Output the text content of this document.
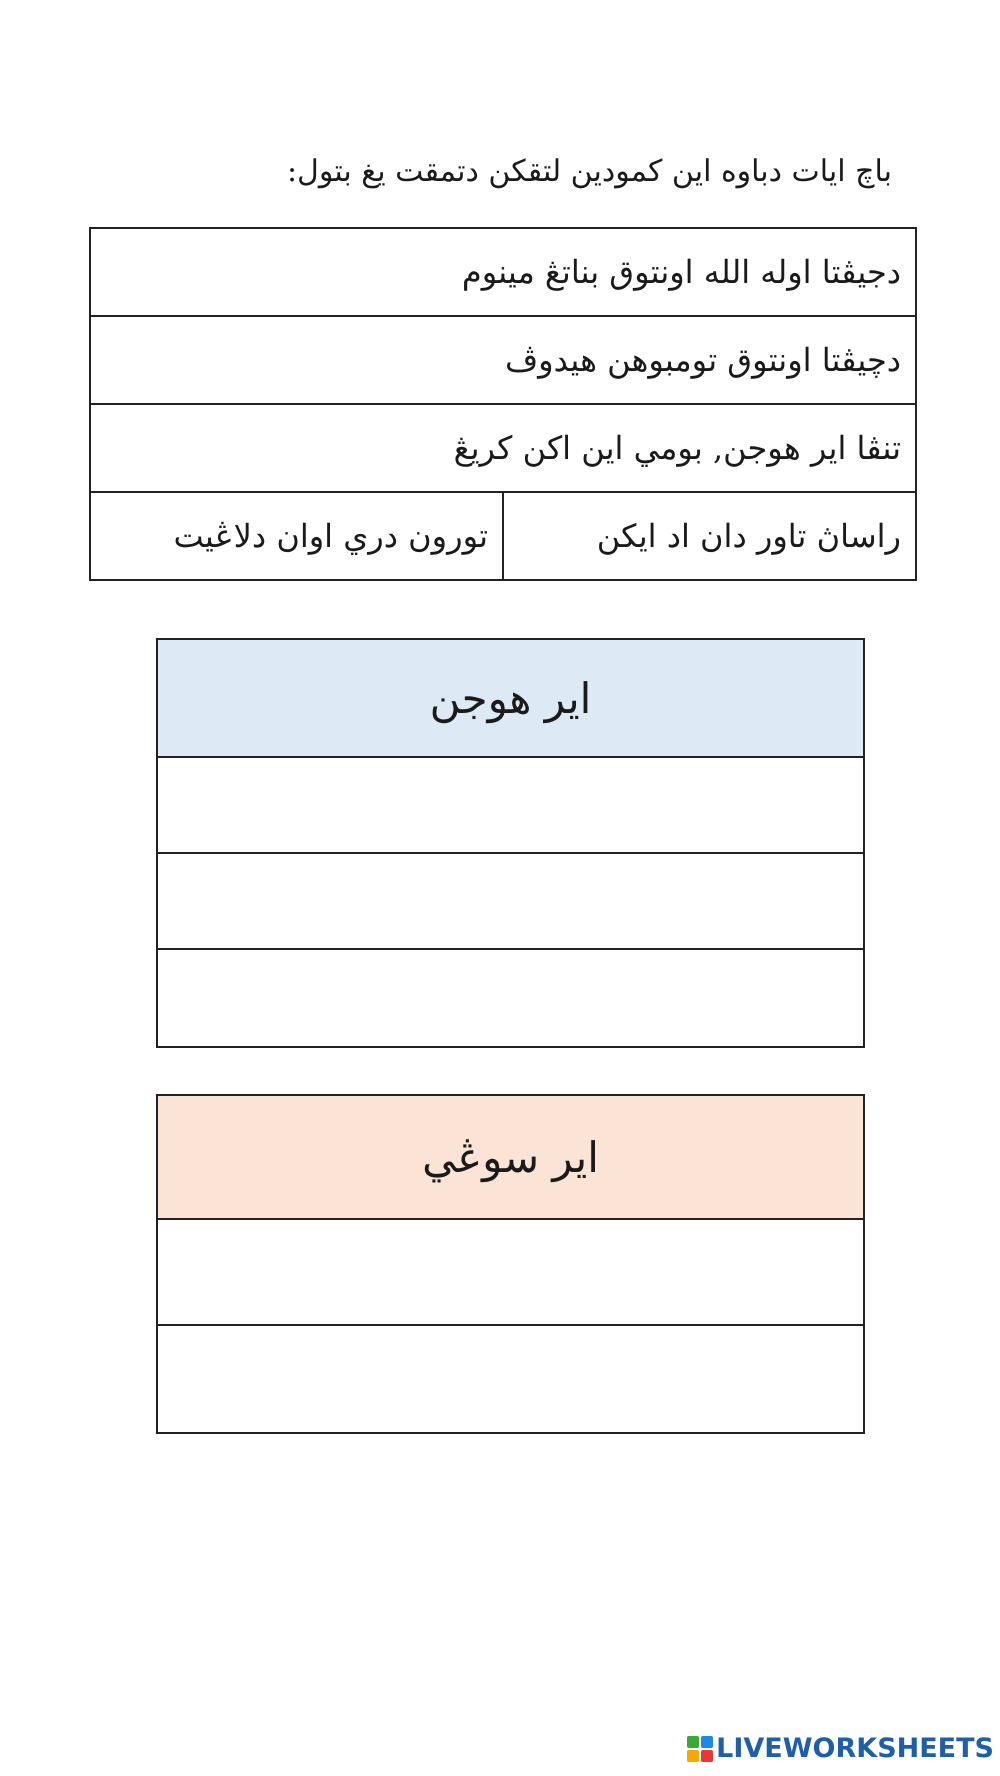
باچ ايات دباوه اين كمودين لتقكن دتمقت يغ بتول:
دجيڤتا اوله الله اونتوق بناتڠ مينوم
دچيڤتا اونتوق تومبوهن هيدوڤ
تنڤا اير هوجن, بومي اين اكن كريڠ
راساڽ تاور دان اد ايكن	تورون دري اوان دلاڠيت
اير هوجن
اير سوڠي
LIVEWORKSHEETS
